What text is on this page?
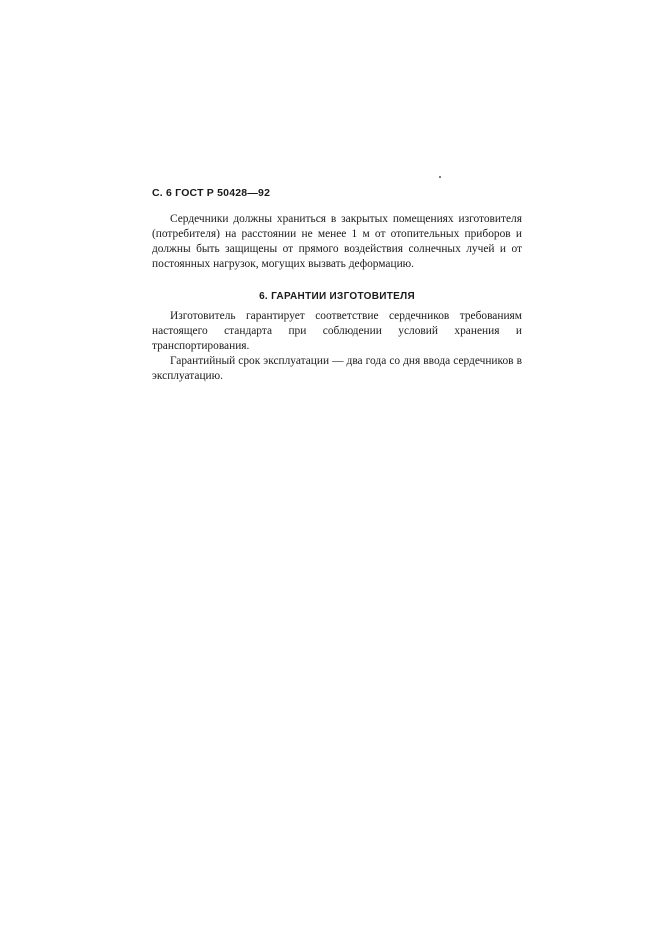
С. 6 ГОСТ Р 50428—92

Сердечники должны храниться в закрытых помещениях изготовителя (потребителя) на расстоянии не менее 1 м от отопительных приборов и должны быть защищены от прямого воздействия солнечных лучей и от постоянных нагрузок, могущих вызвать деформацию.

6. ГАРАНТИИ ИЗГОТОВИТЕЛЯ

Изготовитель гарантирует соответствие сердечников требованиям настоящего стандарта при соблюдении условий хранения и транспортирования.

Гарантийный срок эксплуатации — два года со дня ввода сердечников в эксплуатацию.
